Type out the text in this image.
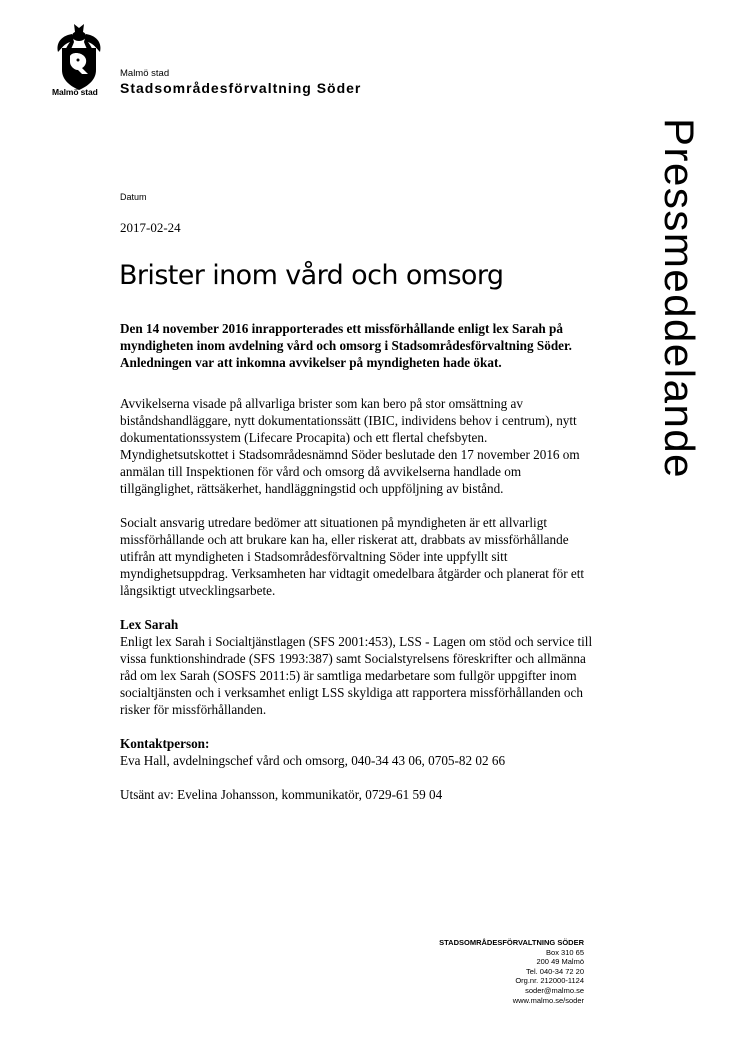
Malmö stad
Malmö stad
Stadsområdesförvaltning Söder
Pressmeddelande
Datum
2017-02-24
Brister inom vård och omsorg

Den 14 november 2016 inrapporterades ett missförhållande enligt lex Sarah på myndigheten inom avdelning vård och omsorg i Stadsområdesförvaltning Söder. Anledningen var att inkomna avvikelser på myndigheten hade ökat.

Avvikelserna visade på allvarliga brister som kan bero på stor omsättning av biståndshandläggare, nytt dokumentationssätt (IBIC, individens behov i centrum), nytt dokumentationssystem (Lifecare Procapita) och ett flertal chefsbyten. Myndighetsutskottet i Stadsområdesnämnd Söder beslutade den 17 november 2016 om anmälan till Inspektionen för vård och omsorg då avvikelserna handlade om tillgänglighet, rättsäkerhet, handläggningstid och uppföljning av bistånd.

Socialt ansvarig utredare bedömer att situationen på myndigheten är ett allvarligt missförhållande och att brukare kan ha, eller riskerat att, drabbats av missförhållande utifrån att myndigheten i Stadsområdesförvaltning Söder inte uppfyllt sitt myndighetsuppdrag. Verksamheten har vidtagit omedelbara åtgärder och planerat för ett långsiktigt utvecklingsarbete.

Lex Sarah

Enligt lex Sarah i Socialtjänstlagen (SFS 2001:453), LSS - Lagen om stöd och service till vissa funktionshindrade (SFS 1993:387) samt Socialstyrelsens föreskrifter och allmänna råd om lex Sarah (SOSFS 2011:5) är samtliga medarbetare som fullgör uppgifter inom socialtjänsten och i verksamhet enligt LSS skyldiga att rapportera missförhållanden och risker för missförhållanden.

Kontaktperson:

Eva Hall, avdelningschef vård och omsorg, 040-34 43 06, 0705-82 02 66

Utsänt av: Evelina Johansson, kommunikatör, 0729-61 59 04

STADSOMRÅDESFÖRVALTNING SÖDER
Box 310 65
200 49 Malmö
Tel. 040-34 72 20
Org.nr. 212000-1124
soder@malmo.se
www.malmo.se/soder
